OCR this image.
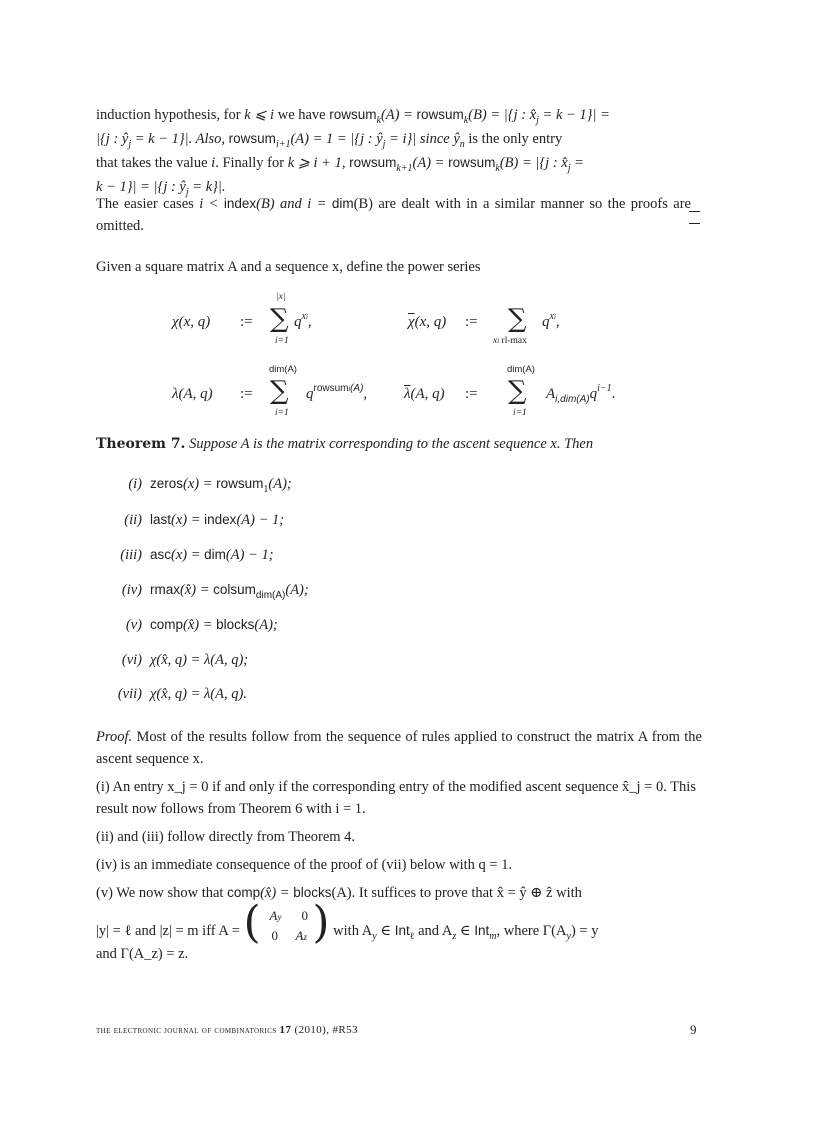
induction hypothesis, for k ⩽ i we have rowsum$_k$(A) = rowsum$_k$(B) = |{j : $x̂_j = k - 1\}|$ =
|{j : $ŷ_j = k - 1\}|$. Also, rowsum$_{i+1}$(A) = 1 = |{j : $ŷ_j = i\}|$ since $ŷ_n$ is the only entry
that takes the value i. Finally for k ⩾ i + 1, rowsum$_{k+1}$(A) = rowsum$_k$(B) = |{j : $x̂_j$ =
k − 1}| = |{j : $ŷ_j = k\}|$.
The easier cases i < index(B) and i = dim(B) are dealt with in a similar manner so the proofs are omitted.
Given a square matrix A and a sequence x, define the power series
χ(x, q) :=
|x|
∑
i=1
$q^{xi}$,	$\overline{\chi}(x$, q) := ∑
xi rl-max
$q^{xi}$,
λ(A, q) :=
dim(A)
∑
i=1
$q^{rowsumi(A)}$, $\overline{\lambda}(A$, q) :=
dim(A)
∑
i=1
$A_{i,dim(A)}q^{i-1}$.
Theorem 7. Suppose A is the matrix corresponding to the ascent sequence x. Then
(i) zeros(x) = rowsum$_1$(A);
(ii) last(x) = index(A) − 1;
(iii) asc(x) = dim(A) − 1;
(iv) rmax(x̂) = colsum$_{dim(A)}$(A);
(v) comp(x̂) = blocks(A);
(vi) χ(x̂, q) = λ(A, q);
(vii) χ(x̂, q) = λ(A, q).
Proof. Most of the results follow from the sequence of rules applied to construct the matrix A from the ascent sequence x.
(i) An entry x_j = 0 if and only if the corresponding entry of the modified ascent sequence x̂_j = 0. This result now follows from Theorem 6 with i = 1.
(ii) and (iii) follow directly from Theorem 4.
(iv) is an immediate consequence of the proof of (vii) below with q = 1.
(v) We now show that comp(x̂) = blocks(A). It suffices to prove that x̂ = ŷ ⊕ ẑ with
|y| = ℓ and |z| = m iff A = ( Ay 0
0 Az ) with $A_y$ ∈ Int$_\ell$ and $A_z$ ∈ Int$_m$, where $\Gamma(A_y) = y$
and Γ(A_z) = z.
the electronic journal of combinatorics 17 (2010), #R53	9
